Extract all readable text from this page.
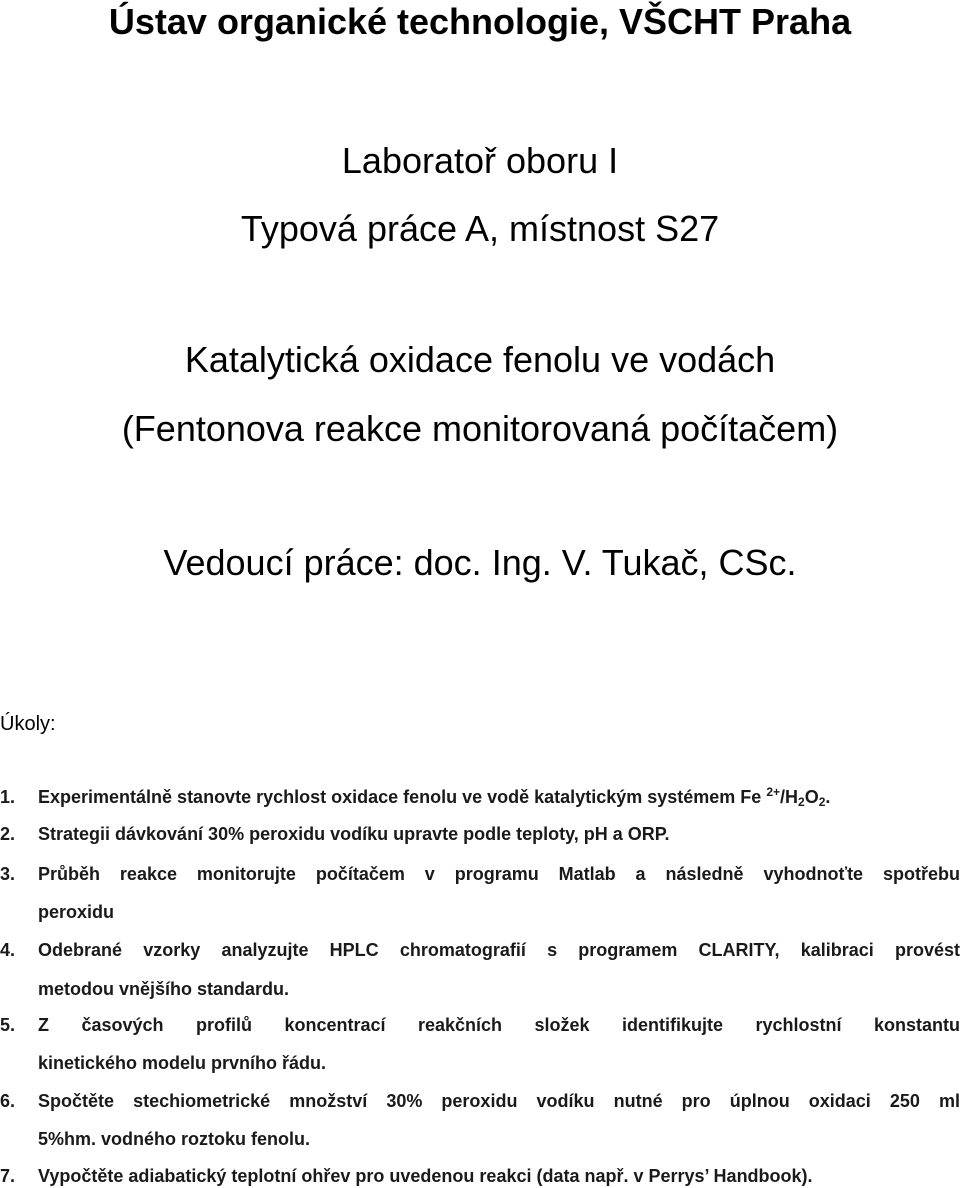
Ústav organické technologie, VŠCHT Praha
Laboratoř oboru I
Typová práce A, místnost S27
Katalytická oxidace fenolu ve vodách
(Fentonova reakce monitorovaná počítačem)
Vedoucí práce: doc. Ing. V. Tukač, CSc.
Úkoly:
1.	Experimentálně stanovte rychlost oxidace fenolu ve vodě katalytickým systémem Fe $^{2+}/H_2O_2$.
2.	Strategii dávkování 30% peroxidu vodíku upravte podle teploty, pH a ORP.
3.	Průběh reakce monitorujte počítačem v programu Matlab a následně vyhodnoťte spotřebu
peroxidu
4.	Odebrané vzorky analyzujte HPLC chromatografií s programem CLARITY, kalibraci provést
metodou vnějšího standardu.
5.	Z časových profilů koncentrací reakčních složek identifikujte rychlostní konstantu
kinetického modelu prvního řádu.
6.	Spočtěte stechiometrické množství 30% peroxidu vodíku nutné pro úplnou oxidaci 250 ml
5%hm. vodného roztoku fenolu.
7.	Vypočtěte adiabatický teplotní ohřev pro uvedenou reakci (data např. v Perrys’ Handbook).
